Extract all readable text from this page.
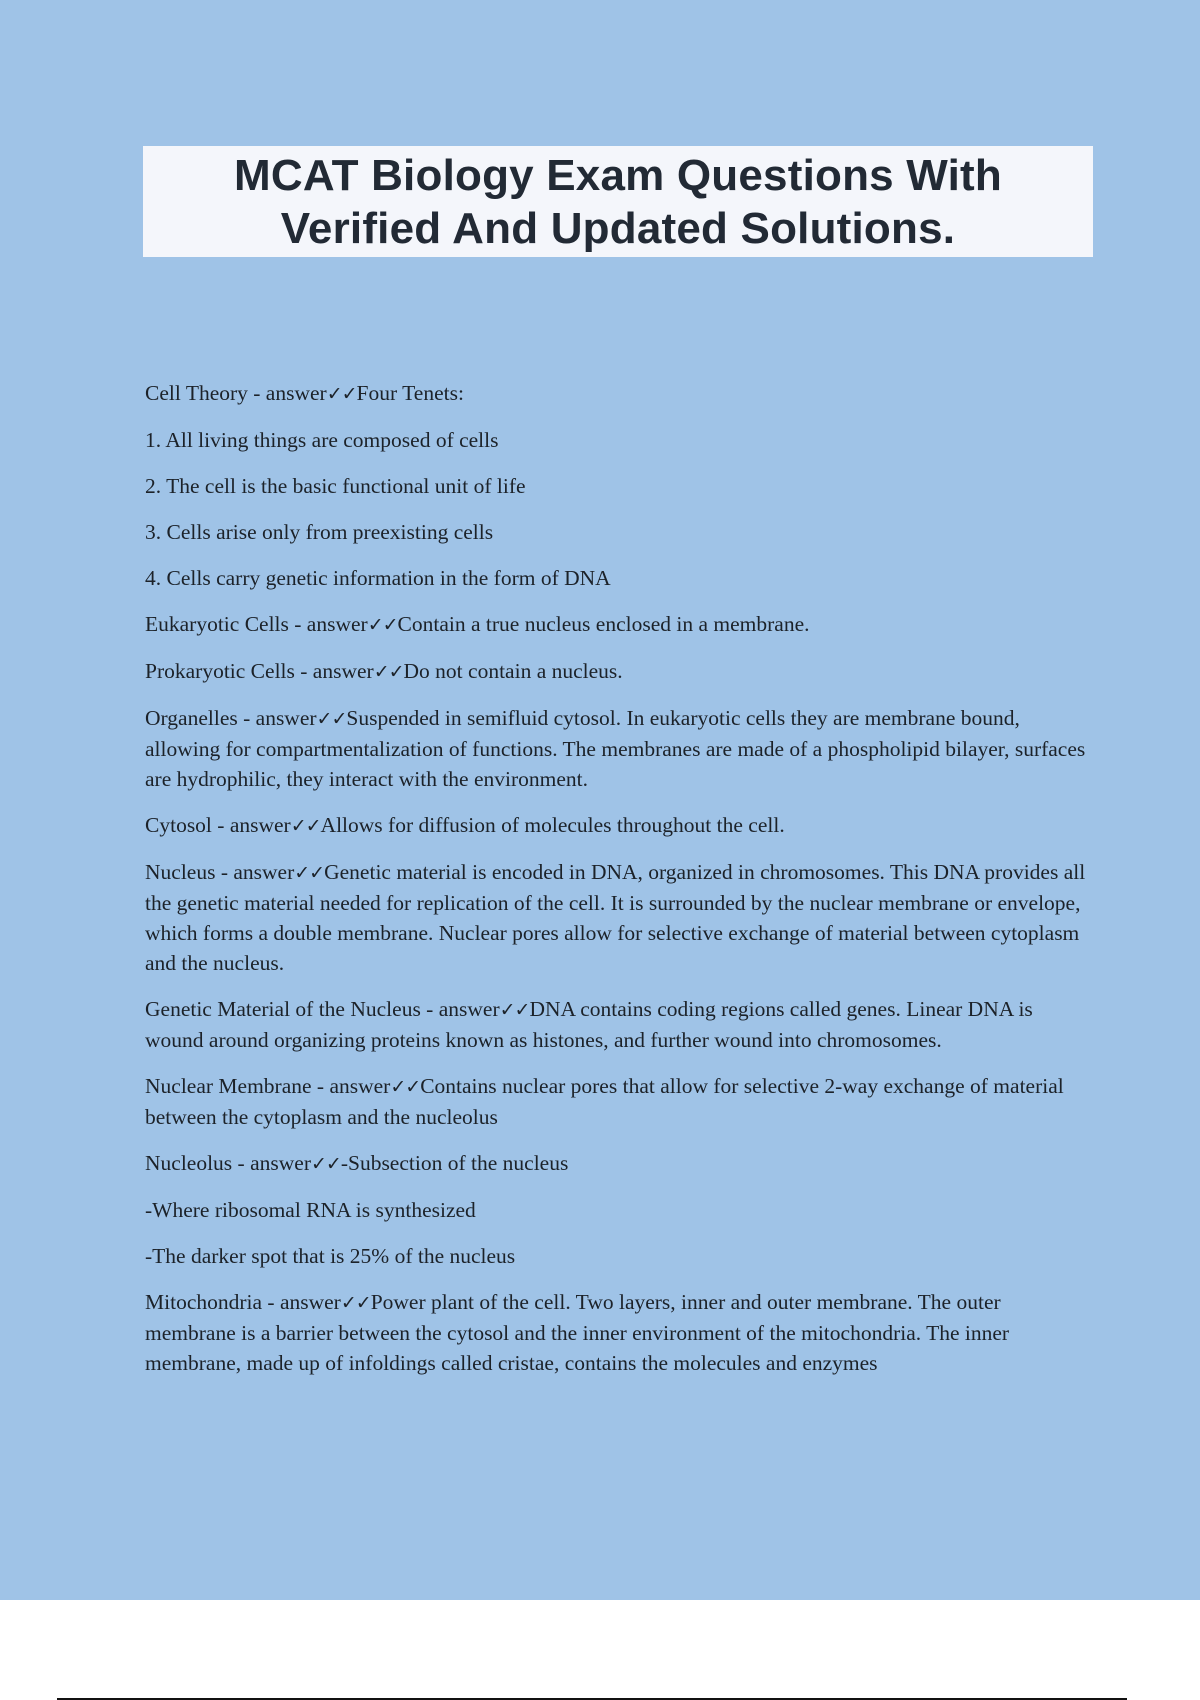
MCAT Biology Exam Questions With
Verified And Updated Solutions.

Cell Theory - answer✓✓Four Tenets:

1. All living things are composed of cells

2. The cell is the basic functional unit of life

3. Cells arise only from preexisting cells

4. Cells carry genetic information in the form of DNA

Eukaryotic Cells - answer✓✓Contain a true nucleus enclosed in a membrane.

Prokaryotic Cells - answer✓✓Do not contain a nucleus.

Organelles - answer✓✓Suspended in semifluid cytosol. In eukaryotic cells they are membrane bound, allowing for compartmentalization of functions. The membranes are made of a phospholipid bilayer, surfaces are hydrophilic, they interact with the environment.

Cytosol - answer✓✓Allows for diffusion of molecules throughout the cell.

Nucleus - answer✓✓Genetic material is encoded in DNA, organized in chromosomes. This DNA provides all the genetic material needed for replication of the cell. It is surrounded by the nuclear membrane or envelope, which forms a double membrane. Nuclear pores allow for selective exchange of material between cytoplasm and the nucleus.

Genetic Material of the Nucleus - answer✓✓DNA contains coding regions called genes. Linear DNA is wound around organizing proteins known as histones, and further wound into chromosomes.

Nuclear Membrane - answer✓✓Contains nuclear pores that allow for selective 2-way exchange of material between the cytoplasm and the nucleolus

Nucleolus - answer✓✓-Subsection of the nucleus

-Where ribosomal RNA is synthesized

-The darker spot that is 25% of the nucleus

Mitochondria - answer✓✓Power plant of the cell. Two layers, inner and outer membrane. The outer membrane is a barrier between the cytosol and the inner environment of the mitochondria. The inner membrane, made up of infoldings called cristae, contains the molecules and enzymes
